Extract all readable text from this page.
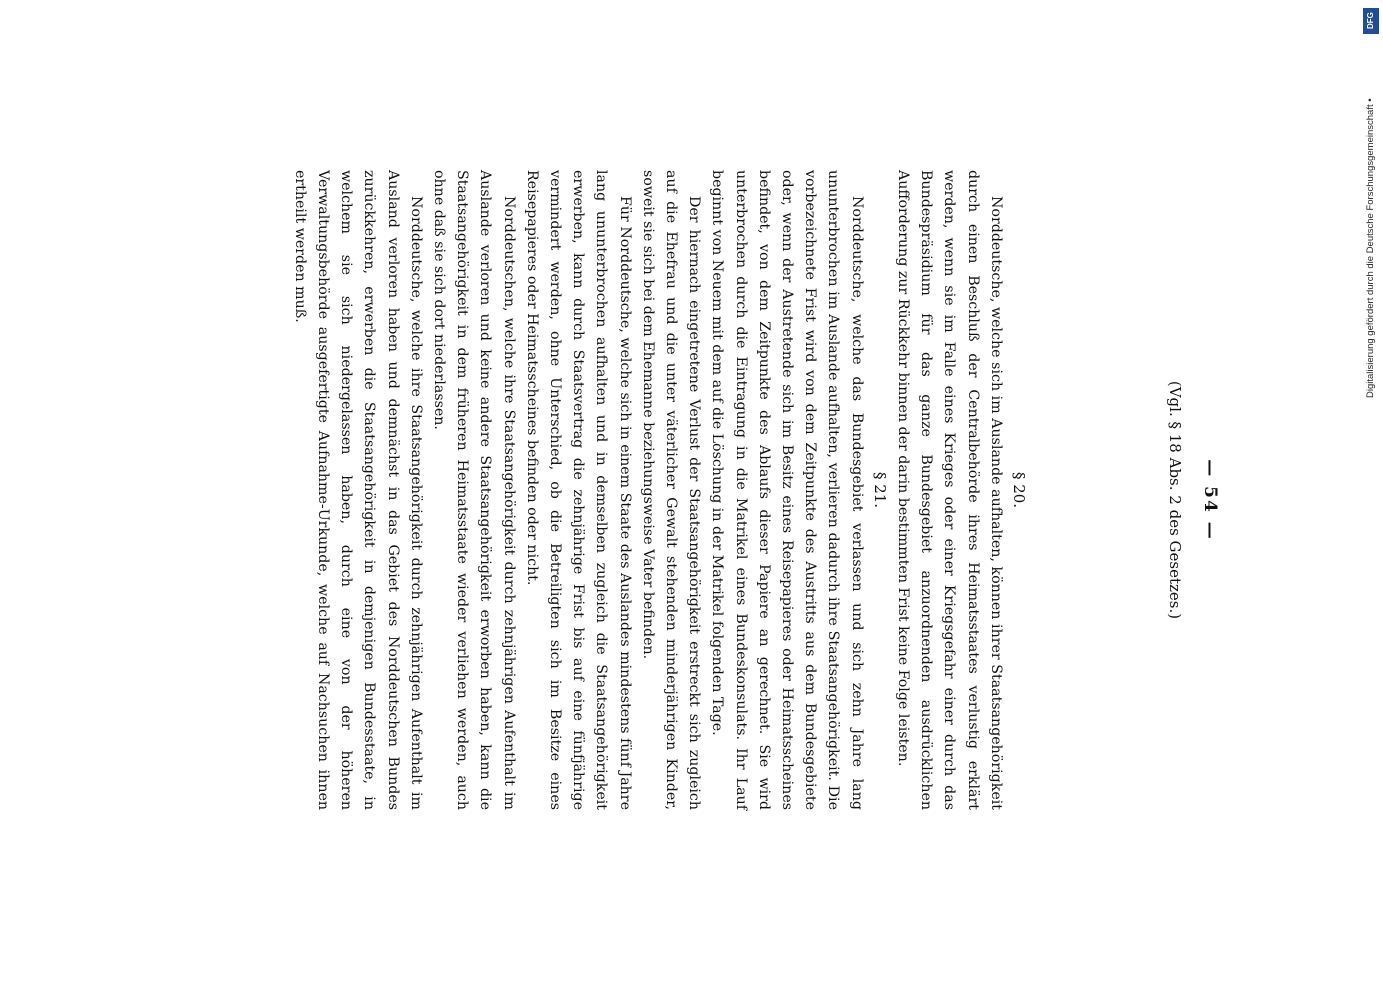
— 54 —
(Vgl. § 18 Abs. 2 des Gesetzes.)

§ 20.

Norddeutsche, welche sich im Auslande aufhalten, können ihrer Staatsangehörigkeit durch einen Beschluß der Centralbehörde ihres Heimatsstaates verlustig erklärt werden, wenn sie im Falle eines Krieges oder einer Kriegsgefahr einer durch das Bundespräsidium für das ganze Bundesgebiet anzuordnenden ausdrücklichen Aufforderung zur Rückkehr binnen der darin bestimmten Frist keine Folge leisten.

§ 21.

Norddeutsche, welche das Bundesgebiet verlassen und sich zehn Jahre lang ununterbrochen im Auslande aufhalten, verlieren dadurch ihre Staatsangehörigkeit. Die vorbezeichnete Frist wird von dem Zeitpunkte des Austritts aus dem Bundesgebiete oder, wenn der Austretende sich im Besitz eines Reisepapieres oder Heimatsscheines befindet, von dem Zeitpunkte des Ablaufs dieser Papiere an gerechnet. Sie wird unterbrochen durch die Eintragung in die Matrikel eines Bundeskonsulats. Ihr Lauf beginnt von Neuem mit dem auf die Löschung in der Matrikel folgenden Tage.

Der hiernach eingetretene Verlust der Staatsangehörigkeit erstreckt sich zugleich auf die Ehefrau und die unter väterlicher Gewalt stehenden minderjährigen Kinder, soweit sie sich bei dem Ehemanne beziehungsweise Vater befinden.

Für Norddeutsche, welche sich in einem Staate des Auslandes mindestens fünf Jahre lang ununterbrochen aufhalten und in demselben zugleich die Staatsangehörigkeit erwerben, kann durch Staatsvertrag die zehnjährige Frist bis auf eine fünfjährige vermindert werden, ohne Unterschied, ob die Betreiligten sich im Besitze eines Reisepapieres oder Heimatsscheines befinden oder nicht.

Norddeutschen, welche ihre Staatsangehörigkeit durch zehnjährigen Aufenthalt im Auslande verloren und keine andere Staatsangehörigkeit erworben haben, kann die Staatsangehörigkeit in dem früheren Heimatsstaate wieder verliehen werden, auch ohne daß sie sich dort niederlassen.

Norddeutsche, welche ihre Staatsangehörigkeit durch zehnjährigen Aufenthalt im Ausland verloren haben und demnächst in das Gebiet des Norddeutschen Bundes zurückkehren, erwerben die Staatsangehörigkeit in demjenigen Bundesstaate, in welchem sie sich niedergelassen haben, durch eine von der höheren Verwaltungsbehörde ausgefertigte Aufnahme-Urkunde, welche auf Nachsuchen ihnen ertheilt werden muß.

DFG
Digitalisierung gefördert durch die Deutsche Forschungsgemeinschaft •
